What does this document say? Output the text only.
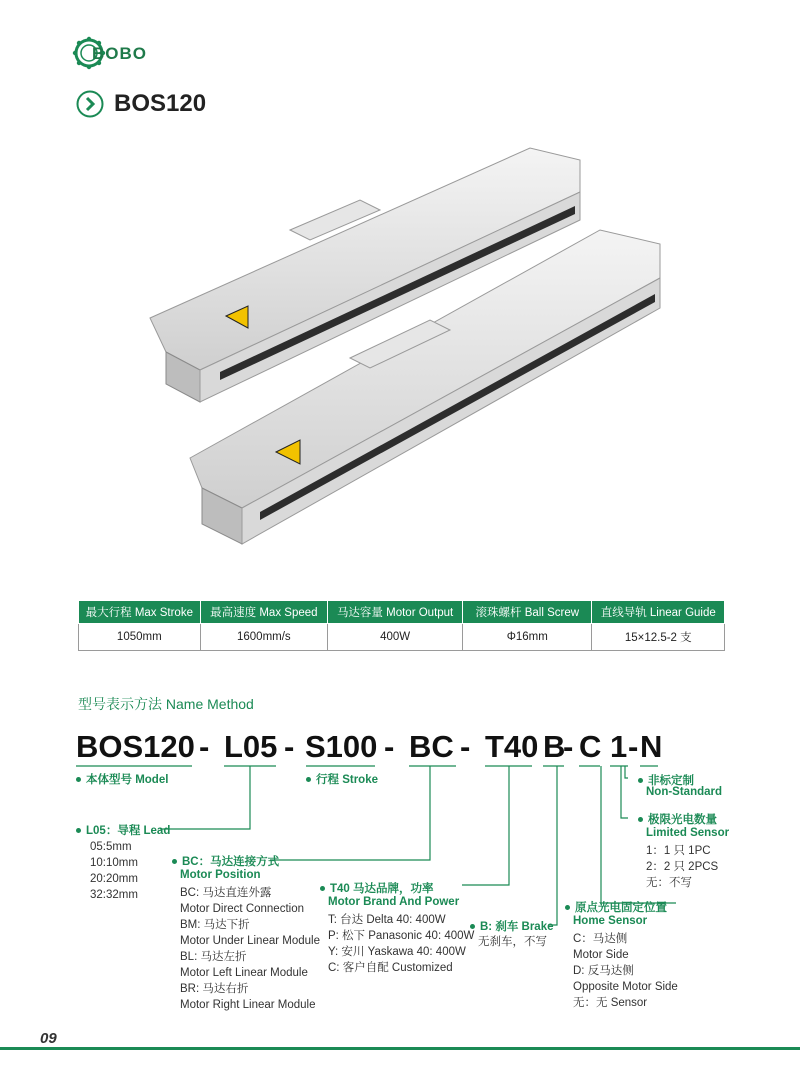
BOBO
BOS120
最大行程 Max Stroke	最高速度 Max Speed	马达容量 Motor Output	滚珠螺杆 Ball Screw	直线导轨 Linear Guide
1050mm	1600mm/s	400W	Φ16mm	15×12.5-2 支
型号表示方法 Name Method
BOS120 - L05 - S100 - BC - T40 B
- C 1 - N
本体型号 Model	行程 Stroke
L05：导程 Lead
05:5mm
10:10mm
20:20mm
32:32mm
BC：马达连接方式
Motor Position
BC: 马达直连外露
Motor Direct Connection
BM: 马达下折
Motor Under Linear Module
BL: 马达左折
Motor Left Linear Module
BR: 马达右折
Motor Right Linear Module
T40 马达品牌，功率
Motor Brand And Power
T: 台达 Delta 40: 400W
P: 松下 Panasonic 40: 400W
Y: 安川 Yaskawa 40: 400W
C: 客户自配 Customized
B: 刹车 Brake
无刹车，不写
原点光电固定位置
Home Sensor
C：马达侧
Motor Side
D: 反马达侧
Opposite Motor Side
无：无 Sensor
极限光电数量
Limited Sensor
1：1 只 1PC
2：2 只 2PCS
无：不写
非标定制
Non-Standard
09
